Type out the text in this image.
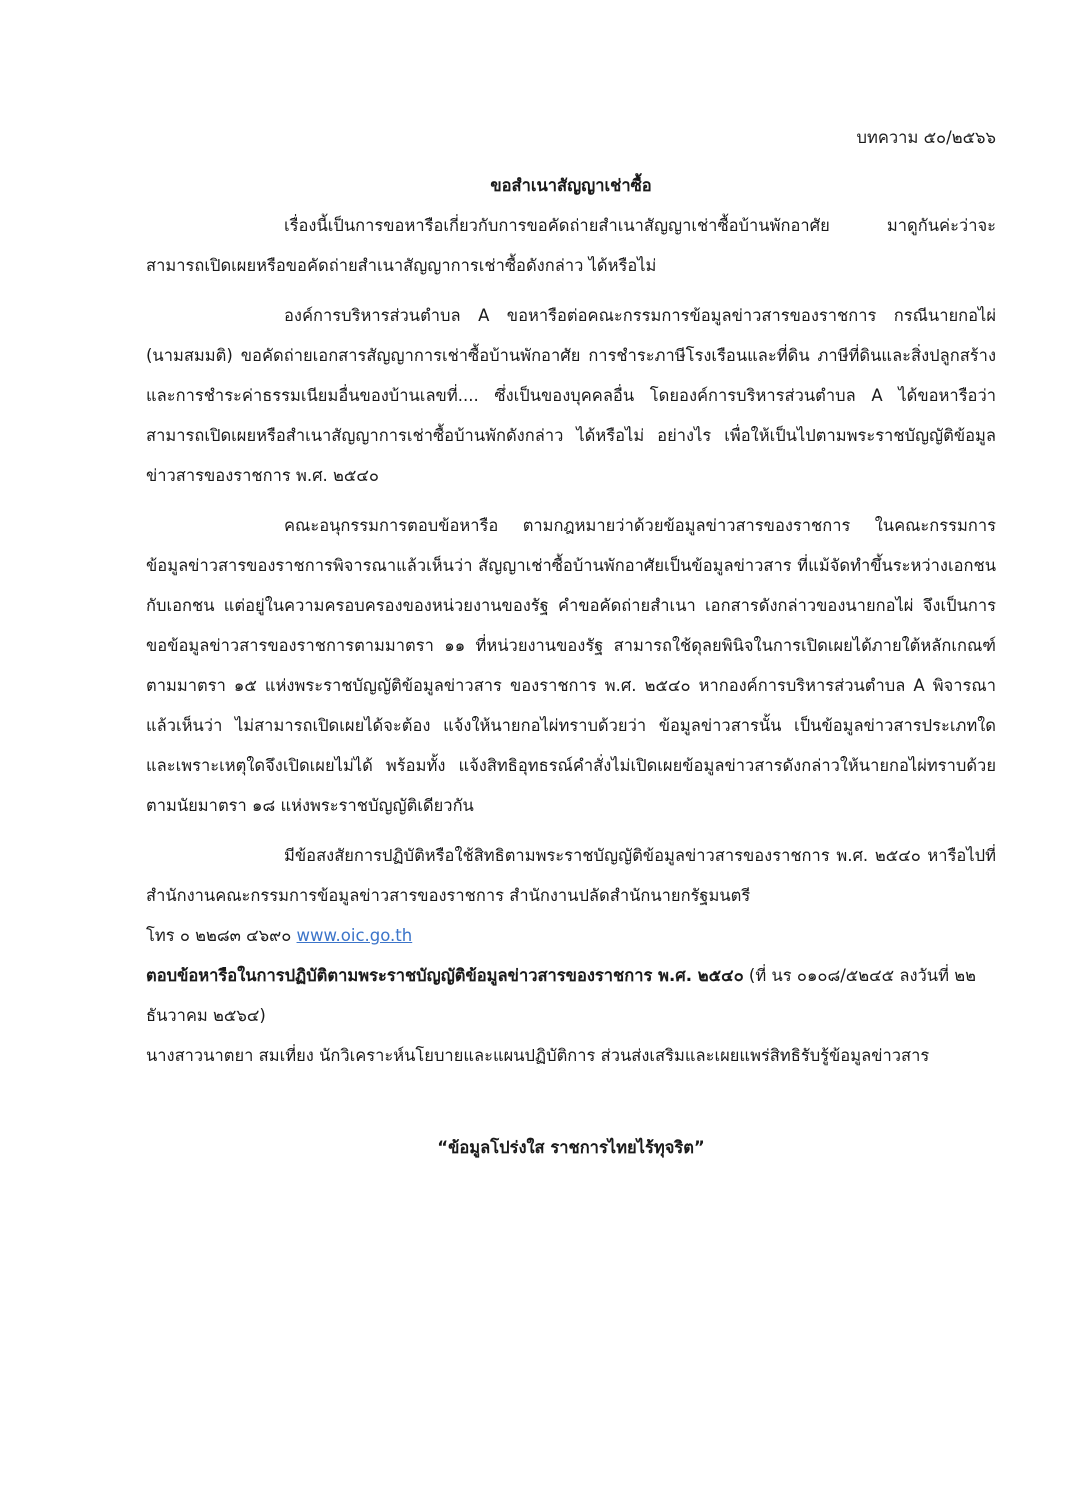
บทความ ๕๐/๒๕๖๖
ขอสำเนาสัญญาเช่าซื้อ

เรื่องนี้เป็นการขอหารือเกี่ยวกับการขอคัดถ่ายสำเนาสัญญาเช่าซื้อบ้านพักอาศัย มาดูกันค่ะว่าจะสามารถเปิดเผยหรือขอคัดถ่ายสำเนาสัญญาการเช่าซื้อดังกล่าว ได้หรือไม่

องค์การบริหารส่วนตำบล A ขอหารือต่อคณะกรรมการข้อมูลข่าวสารของราชการ กรณีนายกอไผ่ (นามสมมติ) ขอคัดถ่ายเอกสารสัญญาการเช่าซื้อบ้านพักอาศัย การชำระภาษีโรงเรือนและที่ดิน ภาษีที่ดินและสิ่งปลูกสร้าง และการชำระค่าธรรมเนียมอื่นของบ้านเลขที่.... ซึ่งเป็นของบุคคลอื่น โดยองค์การบริหารส่วนตำบล A ได้ขอหารือว่า สามารถเปิดเผยหรือสำเนาสัญญาการเช่าซื้อบ้านพักดังกล่าว ได้หรือไม่ อย่างไร เพื่อให้เป็นไปตามพระราชบัญญัติข้อมูลข่าวสารของราชการ พ.ศ. ๒๕๔๐

คณะอนุกรรมการตอบข้อหารือ ตามกฎหมายว่าด้วยข้อมูลข่าวสารของราชการ ในคณะกรรมการข้อมูลข่าวสารของราชการพิจารณาแล้วเห็นว่า สัญญาเช่าซื้อบ้านพักอาศัยเป็นข้อมูลข่าวสาร ที่แม้จัดทำขึ้นระหว่างเอกชนกับเอกชน แต่อยู่ในความครอบครองของหน่วยงานของรัฐ คำขอคัดถ่ายสำเนา เอกสารดังกล่าวของนายกอไผ่ จึงเป็นการขอข้อมูลข่าวสารของราชการตามมาตรา ๑๑ ที่หน่วยงานของรัฐ สามารถใช้ดุลยพินิจในการเปิดเผยได้ภายใต้หลักเกณฑ์ตามมาตรา ๑๕ แห่งพระราชบัญญัติข้อมูลข่าวสาร ของราชการ พ.ศ. ๒๕๔๐ หากองค์การบริหารส่วนตำบล A พิจารณาแล้วเห็นว่า ไม่สามารถเปิดเผยได้จะต้อง แจ้งให้นายกอไผ่ทราบด้วยว่า ข้อมูลข่าวสารนั้น เป็นข้อมูลข่าวสารประเภทใด และเพราะเหตุใดจึงเปิดเผยไม่ได้ พร้อมทั้ง แจ้งสิทธิอุทธรณ์คำสั่งไม่เปิดเผยข้อมูลข่าวสารดังกล่าวให้นายกอไผ่ทราบด้วย ตามนัยมาตรา ๑๘ แห่งพระราชบัญญัติเดียวกัน

มีข้อสงสัยการปฏิบัติหรือใช้สิทธิตามพระราชบัญญัติข้อมูลข่าวสารของราชการ พ.ศ. ๒๕๔๐ หารือไปที่สำนักงานคณะกรรมการข้อมูลข่าวสารของราชการ สำนักงานปลัดสำนักนายกรัฐมนตรี

โทร ๐ ๒๒๘๓ ๔๖๙๐ www.oic.go.th

ตอบข้อหารือในการปฏิบัติตามพระราชบัญญัติข้อมูลข่าวสารของราชการ พ.ศ. ๒๕๔๐ (ที่ นร ๐๑๐๘/๕๒๔๕ ลงวันที่ ๒๒ ธันวาคม ๒๕๖๔)

นางสาวนาตยา สมเที่ยง นักวิเคราะห์นโยบายและแผนปฏิบัติการ ส่วนส่งเสริมและเผยแพร่สิทธิรับรู้ข้อมูลข่าวสาร

“ข้อมูลโปร่งใส ราชการไทยไร้ทุจริต”
